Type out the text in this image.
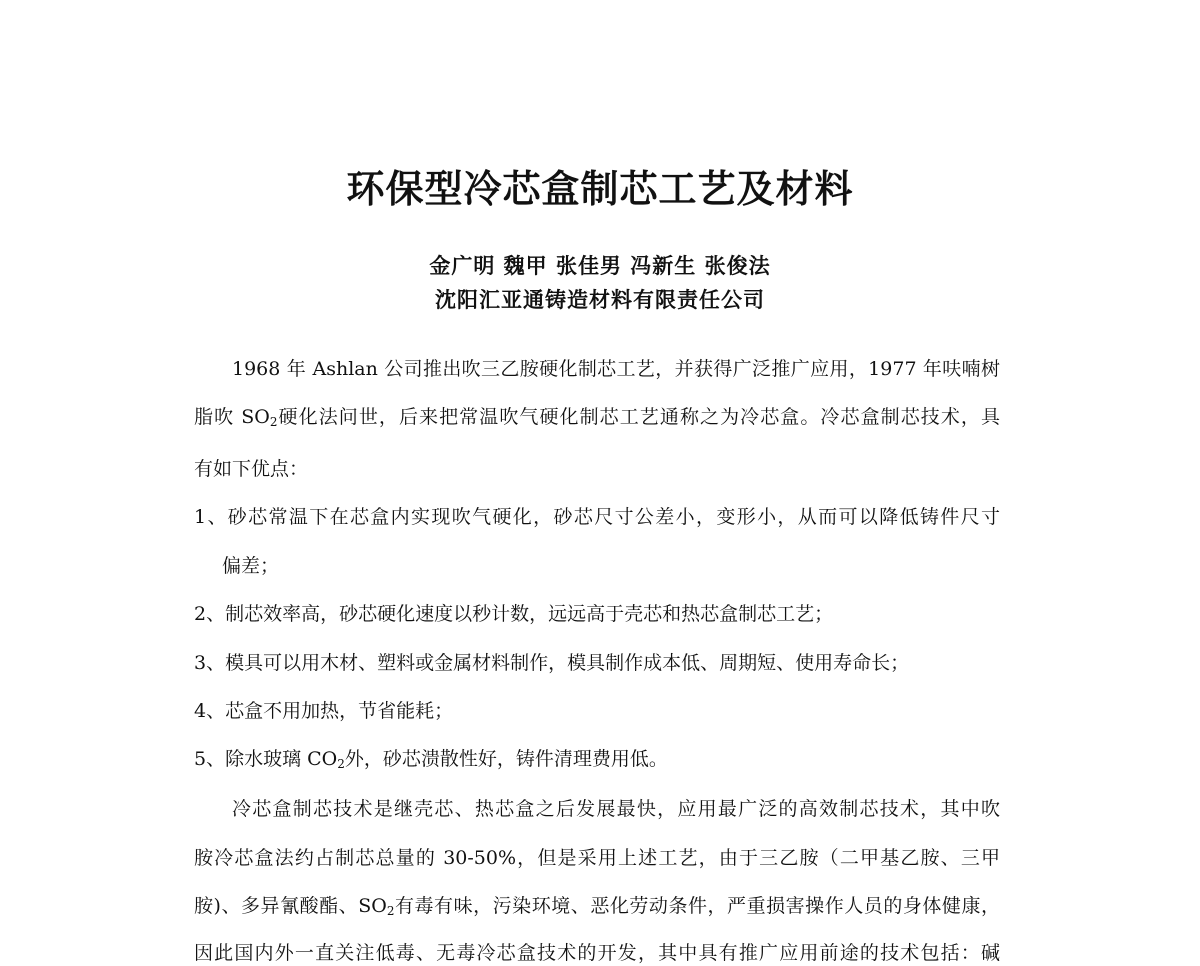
环保型冷芯盒制芯工艺及材料
金广明 魏甲 张佳男 冯新生 张俊法
沈阳汇亚通铸造材料有限责任公司
1968 年 Ashlan 公司推出吹三乙胺硬化制芯工艺，并获得广泛推广应用，1977 年呋喃树
脂吹 $SO_2$硬化法问世，后来把常温吹气硬化制芯工艺通称之为冷芯盒。冷芯盒制芯技术，具
有如下优点：
1、砂芯常温下在芯盒内实现吹气硬化，砂芯尺寸公差小，变形小，从而可以降低铸件尺寸
偏差；
2、制芯效率高，砂芯硬化速度以秒计数，远远高于壳芯和热芯盒制芯工艺；
3、模具可以用木材、塑料或金属材料制作，模具制作成本低、周期短、使用寿命长；
4、芯盒不用加热，节省能耗；
5、除水玻璃 $CO_2$外，砂芯溃散性好，铸件清理费用低。
冷芯盒制芯技术是继壳芯、热芯盒之后发展最快，应用最广泛的高效制芯技术，其中吹
胺冷芯盒法约占制芯总量的 30-50%，但是采用上述工艺，由于三乙胺（二甲基乙胺、三甲
胺)、多异氰酸酯、$SO_2$有毒有味，污染环境、恶化劳动条件，严重损害操作人员的身体健康，
因此国内外一直关注低毒、无毒冷芯盒技术的开发，其中具有推广应用前途的技术包括：碱
